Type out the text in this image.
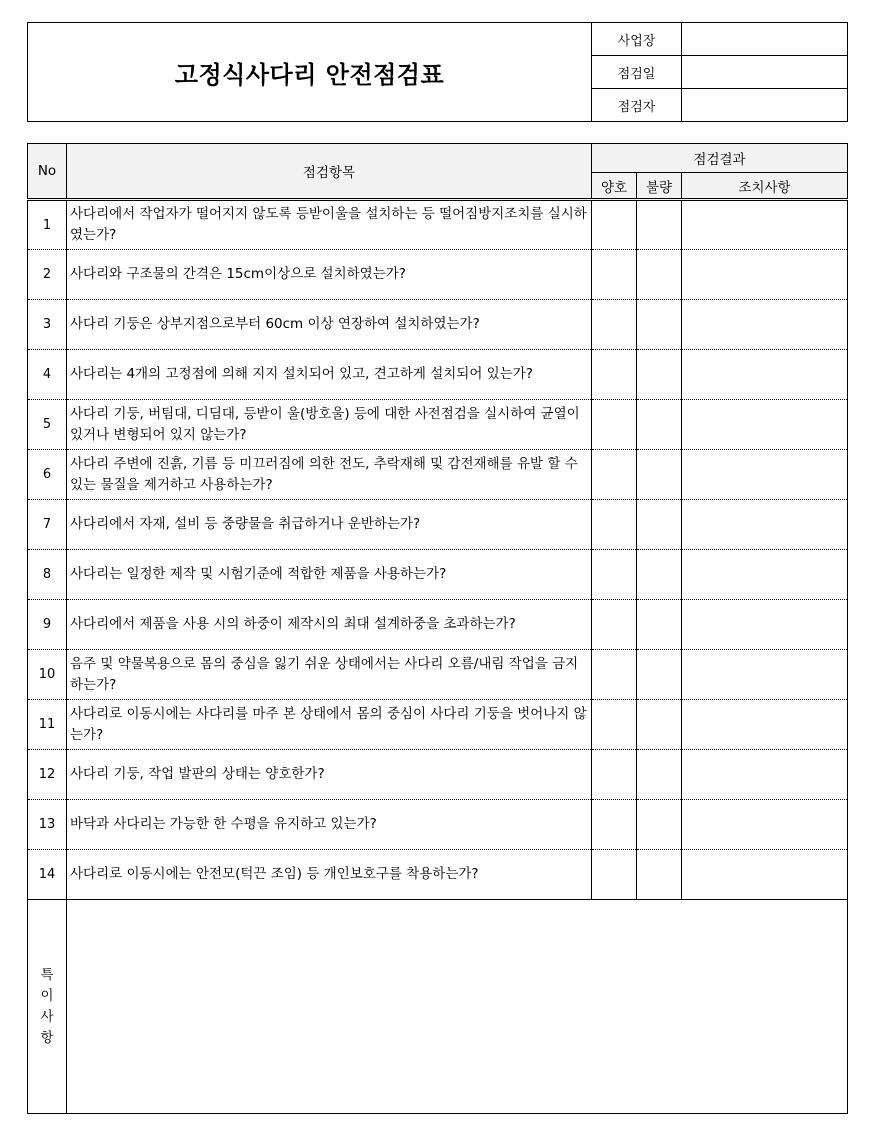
고정식사다리 안전점검표	사업장	
	점검일	
	점검자	
No	점검항목	점검결과		
		양호	불량	조치사항
1	사다리에서 작업자가 떨어지지 않도록 등받이울을 설치하는 등 떨어짐방지조치를 실시하였는가?			
2	사다리와 구조물의 간격은 15cm이상으로 설치하였는가?			
3	사다리 기둥은 상부지점으로부터 60cm 이상 연장하여 설치하였는가?			
4	사다리는 4개의 고정점에 의해 지지 설치되어 있고, 견고하게 설치되어 있는가?			
5	사다리 기둥, 버팀대, 디딤대, 등받이 울(방호울) 등에 대한 사전점검을 실시하여 균열이 있거나 변형되어 있지 않는가?			
6	사다리 주변에 진흙, 기름 등 미끄러짐에 의한 전도, 추락재해 및 감전재해를 유발 할 수 있는 물질을 제거하고 사용하는가?			
7	사다리에서 자재, 설비 등 중량물을 취급하거나 운반하는가?			
8	사다리는 일정한 제작 및 시험기준에 적합한 제품을 사용하는가?			
9	사다리에서 제품을 사용 시의 하중이 제작시의 최대 설계하중을 초과하는가?			
10	음주 및 약물복용으로 몸의 중심을 잃기 쉬운 상태에서는 사다리 오름/내림 작업을 금지하는가?			
11	사다리로 이동시에는 사다리를 마주 본 상태에서 몸의 중심이 사다리 기둥을 벗어나지 않는가?			
12	사다리 기둥, 작업 발판의 상태는 양호한가?			
13	바닥과 사다리는 가능한 한 수평을 유지하고 있는가?			
14	사다리로 이동시에는 안전모(턱끈 조임) 등 개인보호구를 착용하는가?			

특
이
사
항				
